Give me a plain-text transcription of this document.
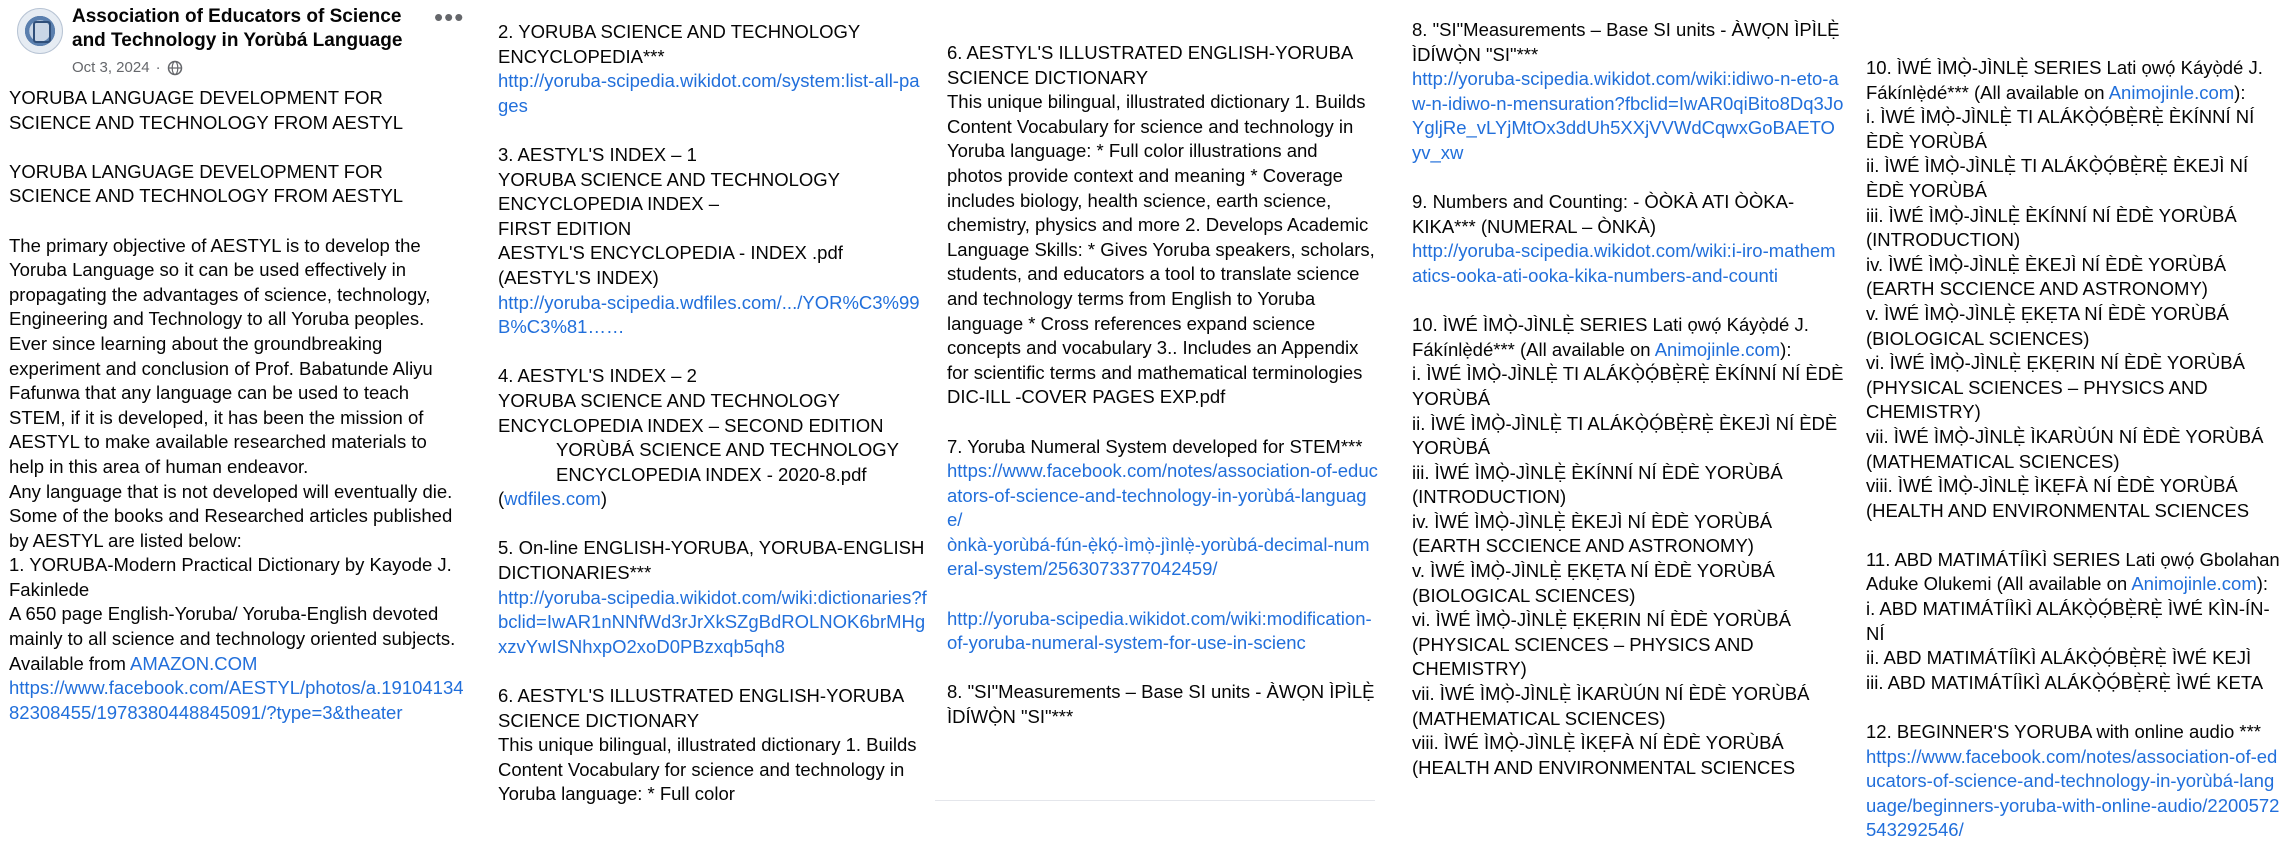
Association of Educators of Science and Technology in Yorùbá Language
•••
Oct 3, 2024 ·

YORUBA LANGUAGE DEVELOPMENT FOR SCIENCE AND TECHNOLOGY FROM AESTYL

YORUBA LANGUAGE DEVELOPMENT FOR SCIENCE AND TECHNOLOGY FROM AESTYL

The primary objective of AESTYL is to develop the Yoruba Language so it can be used effectively in propagating the advantages of science, technology, Engineering and Technology to all Yoruba peoples.

Ever since learning about the groundbreaking experiment and conclusion of Prof. Babatunde Aliyu Fafunwa that any language can be used to teach STEM, if it is developed, it has been the mission of AESTYL to make available researched materials to help in this area of human endeavor.

Any language that is not developed will eventually die.

Some of the books and Researched articles published by AESTYL are listed below:

1. YORUBA-Modern Practical Dictionary by Kayode J. Fakinlede

A 650 page English-Yoruba/ Yoruba-English devoted mainly to all science and technology oriented subjects. Available from AMAZON.COM

https://www.facebook.com/AESTYL/photos/a.1910413482308455/1978380448845091/?type=3&theater

2. YORUBA SCIENCE AND TECHNOLOGY ENCYCLOPEDIA***

http://yoruba-scipedia.wikidot.com/system:list-all-pages

3. AESTYL'S INDEX – 1

YORUBA SCIENCE AND TECHNOLOGY ENCYCLOPEDIA INDEX –

FIRST EDITION

AESTYL'S ENCYCLOPEDIA - INDEX .pdf (AESTYL'S INDEX)

http://yoruba-scipedia.wdfiles.com/.../YOR%C3%99B%C3%81……

4. AESTYL'S INDEX – 2

YORUBA SCIENCE AND TECHNOLOGY ENCYCLOPEDIA INDEX – SECOND EDITION

YORÙBÁ SCIENCE AND TECHNOLOGY ENCYCLOPEDIA INDEX - 2020-8.pdf

(wdfiles.com)

5. On-line ENGLISH-YORUBA, YORUBA-ENGLISH DICTIONARIES***

http://yoruba-scipedia.wikidot.com/wiki:dictionaries?fbclid=IwAR1nNNfWd3rJrXkSZgBdROLNOK6brMHgxzvYwISNhxpO2xoD0PBzxqb5qh8

6. AESTYL'S ILLUSTRATED ENGLISH-YORUBA SCIENCE DICTIONARY

This unique bilingual, illustrated dictionary 1. Builds Content Vocabulary for science and technology in Yoruba language: * Full color

6. AESTYL'S ILLUSTRATED ENGLISH-YORUBA SCIENCE DICTIONARY

This unique bilingual, illustrated dictionary 1. Builds Content Vocabulary for science and technology in Yoruba language: * Full color illustrations and photos provide context and meaning * Coverage includes biology, health science, earth science, chemistry, physics and more 2. Develops Academic Language Skills: * Gives Yoruba speakers, scholars, students, and educators a tool to translate science and technology terms from English to Yoruba language * Cross references expand science concepts and vocabulary 3.. Includes an Appendix for scientific terms and mathematical terminologies

DIC-ILL -COVER PAGES EXP.pdf

7. Yoruba Numeral System developed for STEM***

https://www.facebook.com/notes/association-of-educators-of-science-and-technology-in-yorùbá-language/

ònkà-yorùbá-fún-ẹ̀kọ́-ìmọ̀-jìnlẹ̀-yorùbá-decimal-numeral-system/2563073377042459/

http://yoruba-scipedia.wikidot.com/wiki:modification-of-yoruba-numeral-system-for-use-in-scienc

8. "SI"Measurements – Base SI units - ÀWỌN ÌPÌLẸ̀ ÌDÍWỌ̀N "SI"***

8. "SI"Measurements – Base SI units - ÀWỌN ÌPÌLẸ̀ ÌDÍWỌ̀N "SI"***

http://yoruba-scipedia.wikidot.com/wiki:idiwo-n-eto-aw-n-idiwo-n-mensuration?fbclid=IwAR0qiBito8Dq3JoYgljRe_vLYjMtOx3ddUh5XXjVVWdCqwxGoBAETOyv_xw

9. Numbers and Counting: - ÒÒKÀ ATI ÒÒKA-KIKA*** (NUMERAL – ÒNKÀ)

http://yoruba-scipedia.wikidot.com/wiki:i-iro-mathematics-ooka-ati-ooka-kika-numbers-and-counti

10. ÌWÉ ÌMỌ̀-JÌNLẸ̀ SERIES Lati ọwọ́ Káyọ̀dé J. Fákínlẹ̀dé*** (All available on Animojinle.com):

i. ÌWÉ ÌMỌ̀-JÌNLẸ̀ TI ALÁKỌ̀Ọ́BẸ̀RẸ̀ ÈKÍNNÍ NÍ ÈDÈ YORÙBÁ

ii. ÌWÉ ÌMỌ̀-JÌNLẸ̀ TI ALÁKỌ̀Ọ́BẸ̀RẸ̀ ÈKEJÌ NÍ ÈDÈ YORÙBÁ

iii. ÌWÉ ÌMỌ̀-JÌNLẸ̀ ÈKÍNNÍ NÍ ÈDÈ YORÙBÁ (INTRODUCTION)

iv. ÌWÉ ÌMỌ̀-JÌNLẸ̀ ÈKEJÌ NÍ ÈDÈ YORÙBÁ (EARTH SCCIENCE AND ASTRONOMY)

v. ÌWÉ ÌMỌ̀-JÌNLẸ̀ ẸKẸTA NÍ ÈDÈ YORÙBÁ (BIOLOGICAL SCIENCES)

vi. ÌWÉ ÌMỌ̀-JÌNLẸ̀ ẸKẸRIN NÍ ÈDÈ YORÙBÁ (PHYSICAL SCIENCES – PHYSICS AND CHEMISTRY)

vii. ÌWÉ ÌMỌ̀-JÌNLẸ̀ ÌKARÙÚN NÍ ÈDÈ YORÙBÁ (MATHEMATICAL SCIENCES)

viii. ÌWÉ ÌMỌ̀-JÌNLẸ̀ ÌKẸFÀ NÍ ÈDÈ YORÙBÁ (HEALTH AND ENVIRONMENTAL SCIENCES

10. ÌWÉ ÌMỌ̀-JÌNLẸ̀ SERIES Lati ọwọ́ Káyọ̀dé J. Fákínlẹ̀dé*** (All available on Animojinle.com):

i. ÌWÉ ÌMỌ̀-JÌNLẸ̀ TI ALÁKỌ̀Ọ́BẸ̀RẸ̀ ÈKÍNNÍ NÍ ÈDÈ YORÙBÁ

ii. ÌWÉ ÌMỌ̀-JÌNLẸ̀ TI ALÁKỌ̀Ọ́BẸ̀RẸ̀ ÈKEJÌ NÍ ÈDÈ YORÙBÁ

iii. ÌWÉ ÌMỌ̀-JÌNLẸ̀ ÈKÍNNÍ NÍ ÈDÈ YORÙBÁ (INTRODUCTION)

iv. ÌWÉ ÌMỌ̀-JÌNLẸ̀ ÈKEJÌ NÍ ÈDÈ YORÙBÁ (EARTH SCCIENCE AND ASTRONOMY)

v. ÌWÉ ÌMỌ̀-JÌNLẸ̀ ẸKẸTA NÍ ÈDÈ YORÙBÁ (BIOLOGICAL SCIENCES)

vi. ÌWÉ ÌMỌ̀-JÌNLẸ̀ ẸKẸRIN NÍ ÈDÈ YORÙBÁ (PHYSICAL SCIENCES – PHYSICS AND CHEMISTRY)

vii. ÌWÉ ÌMỌ̀-JÌNLẸ̀ ÌKARÙÚN NÍ ÈDÈ YORÙBÁ (MATHEMATICAL SCIENCES)

viii. ÌWÉ ÌMỌ̀-JÌNLẸ̀ ÌKẸFÀ NÍ ÈDÈ YORÙBÁ (HEALTH AND ENVIRONMENTAL SCIENCES

11. ABD MATIMÁTÍÌKÌ SERIES Lati ọwọ́ Gbolahan Aduke Olukemi (All available on Animojinle.com):

i. ABD MATIMÁTÍÌKÌ ALÁKỌ̀Ọ́BẸ̀RẸ̀ ÌWÉ KÌN-ÍN-NÍ

ii. ABD MATIMÁTÍÌKÌ ALÁKỌ̀Ọ́BẸ̀RẸ̀ ÌWÉ KEJÌ

iii. ABD MATIMÁTÍÌKÌ ALÁKỌ̀Ọ́BẸ̀RẸ̀ ÌWÉ KETA

12. BEGINNER'S YORUBA with online audio ***

https://www.facebook.com/notes/association-of-educators-of-science-and-technology-in-yorùbá-language/beginners-yoruba-with-online-audio/2200572543292546/
